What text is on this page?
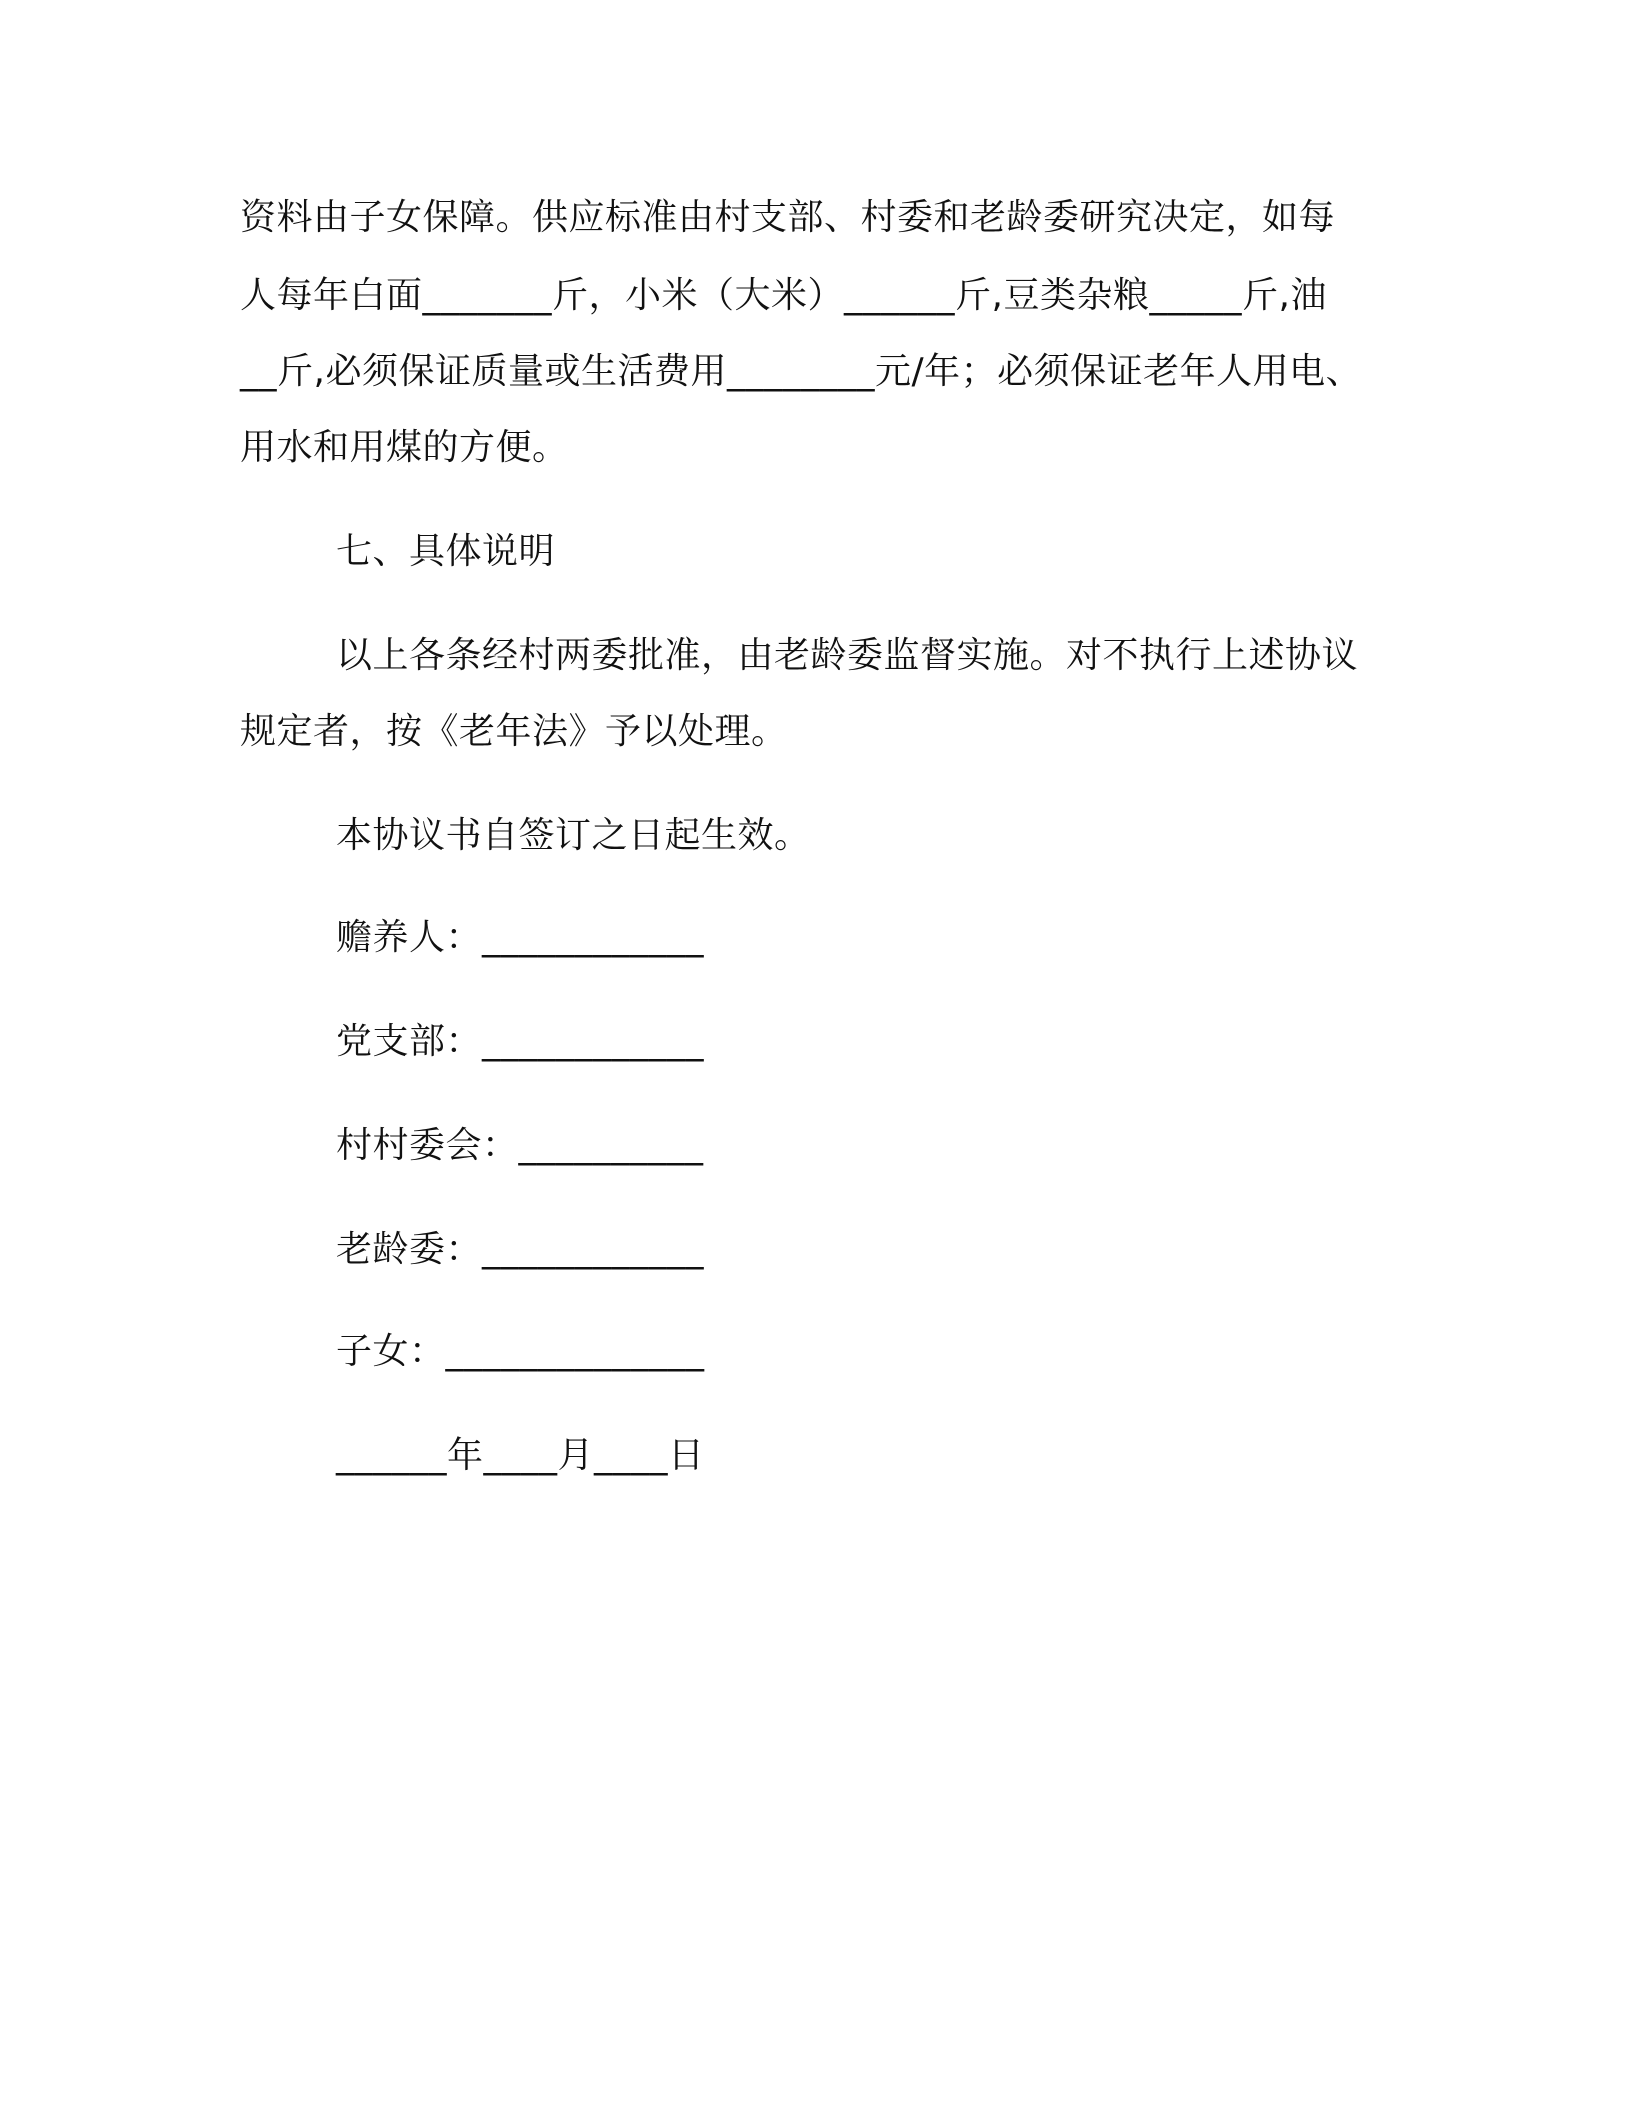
资料由子女保障。供应标准由村支部、村委和老龄委研究决定，如每
人每年白面_______斤，小米（大米）______斤,豆类杂粮_____斤,油
__斤,必须保证质量或生活费用________元/年；必须保证老年人用电、
用水和用煤的方便。
七、具体说明
以上各条经村两委批准，由老龄委监督实施。对不执行上述协议
规定者，按《老年法》予以处理。
本协议书自签订之日起生效。
赡养人：____________
党支部：____________
村村委会：__________
老龄委：____________
子女：______________
______年____月____日
